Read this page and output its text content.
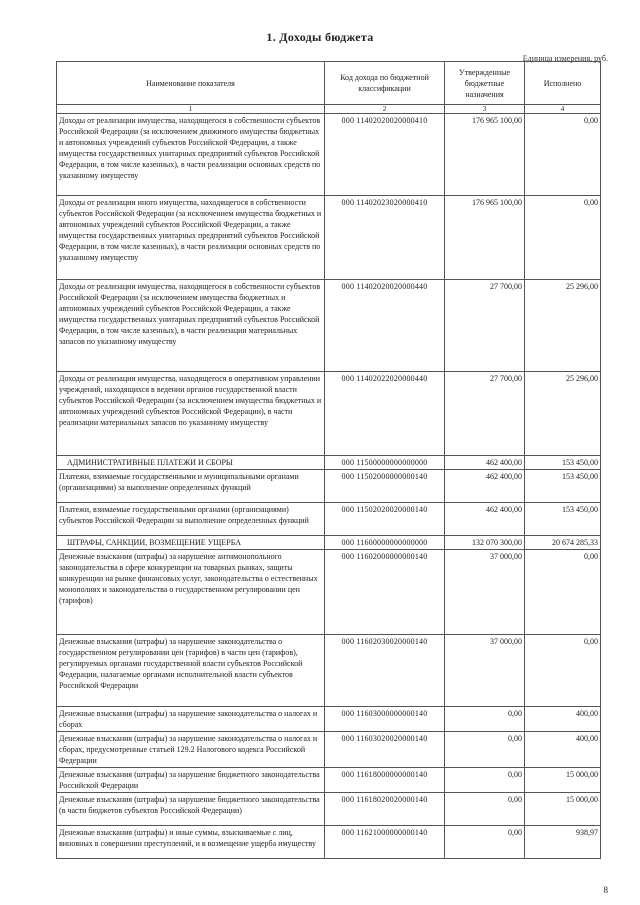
1. Доходы бюджета
Единица измерения, руб.
Наименование показателя	Код дохода по бюджетной классификации	Утвержденные бюджетные назначения	Исполнено
1	2	3	4
Доходы от реализации имущества, находящегося в собственности субъектов Российской Федерации (за исключением движимого имущества бюджетных и автономных учреждений субъектов Российской Федерации, а также имущества государственных унитарных предприятий субъектов Российской Федерации, в том числе казенных), в части реализации основных средств по указанному имуществу	000 11402020020000410	176 965 100,00	0,00
Доходы от реализации иного имущества, находящегося в собственности субъектов Российской Федерации (за исключением имущества бюджетных и автономных учреждений субъектов Российской Федерации, а также имущества государственных унитарных предприятий субъектов Российской Федерации, в том числе казенных), в части реализации основных средств по указанному имуществу	000 11402023020000410	176 965 100,00	0,00
Доходы от реализации имущества, находящегося в собственности субъектов Российской Федерации (за исключением имущества бюджетных и автономных учреждений субъектов Российской Федерации, а также имущества государственных унитарных предприятий субъектов Российской Федерации, в том числе казенных), в части реализации материальных запасов по указанному имуществу	000 11402020020000440	27 700,00	25 296,00
Доходы от реализации имущества, находящегося в оперативном управлении учреждений, находящихся в ведении органов государственной власти субъектов Российской Федерации (за исключением имущества бюджетных и автономных учреждений субъектов Российской Федерации), в части реализации материальных запасов по указанному имуществу	000 11402022020000440	27 700,00	25 296,00
АДМИНИСТРАТИВНЫЕ ПЛАТЕЖИ И СБОРЫ	000 11500000000000000	462 400,00	153 450,00
Платежи, взимаемые государственными и муниципальными органами (организациями) за выполнение определенных функций	000 11502000000000140	462 400,00	153 450,00
Платежи, взимаемые государственными органами (организациями) субъектов Российской Федерации за выполнение определенных функций	000 11502020020000140	462 400,00	153 450,00
ШТРАФЫ, САНКЦИИ, ВОЗМЕЩЕНИЕ УЩЕРБА	000 11600000000000000	132 070 300,00	20 674 285,33
Денежные взыскания (штрафы) за нарушение антимонопольного законодательства в сфере конкуренции на товарных рынках, защиты конкуренции на рынке финансовых услуг, законодательства о естественных монополиях и законодательства о государственном регулировании цен (тарифов)	000 11602000000000140	37 000,00	0,00
Денежные взыскания (штрафы) за нарушение законодательства о государственном регулировании цен (тарифов) в части цен (тарифов), регулируемых органами государственной власти субъектов Российской Федерации, налагаемые органами исполнительной власти субъектов Российской Федерации	000 11602030020000140	37 000,00	0,00
Денежные взыскания (штрафы) за нарушение законодательства о налогах и сборах	000 11603000000000140	0,00	400,00
Денежные взыскания (штрафы) за нарушение законодательства о налогах и сборах, предусмотренные статьей 129.2 Налогового кодекса Российской Федерации	000 11603020020000140	0,00	400,00
Денежные взыскания (штрафы) за нарушение бюджетного законодательства Российской Федерации	000 11618000000000140	0,00	15 000,00
Денежные взыскания (штрафы) за нарушение бюджетного законодательства (в части бюджетов субъектов Российской Федерации)	000 11618020020000140	0,00	15 000,00
Денежные взыскания (штрафы) и иные суммы, взыскиваемые с лиц, виновных в совершении преступлений, и в возмещение ущерба имуществу	000 11621000000000140	0,00	938,97
8
